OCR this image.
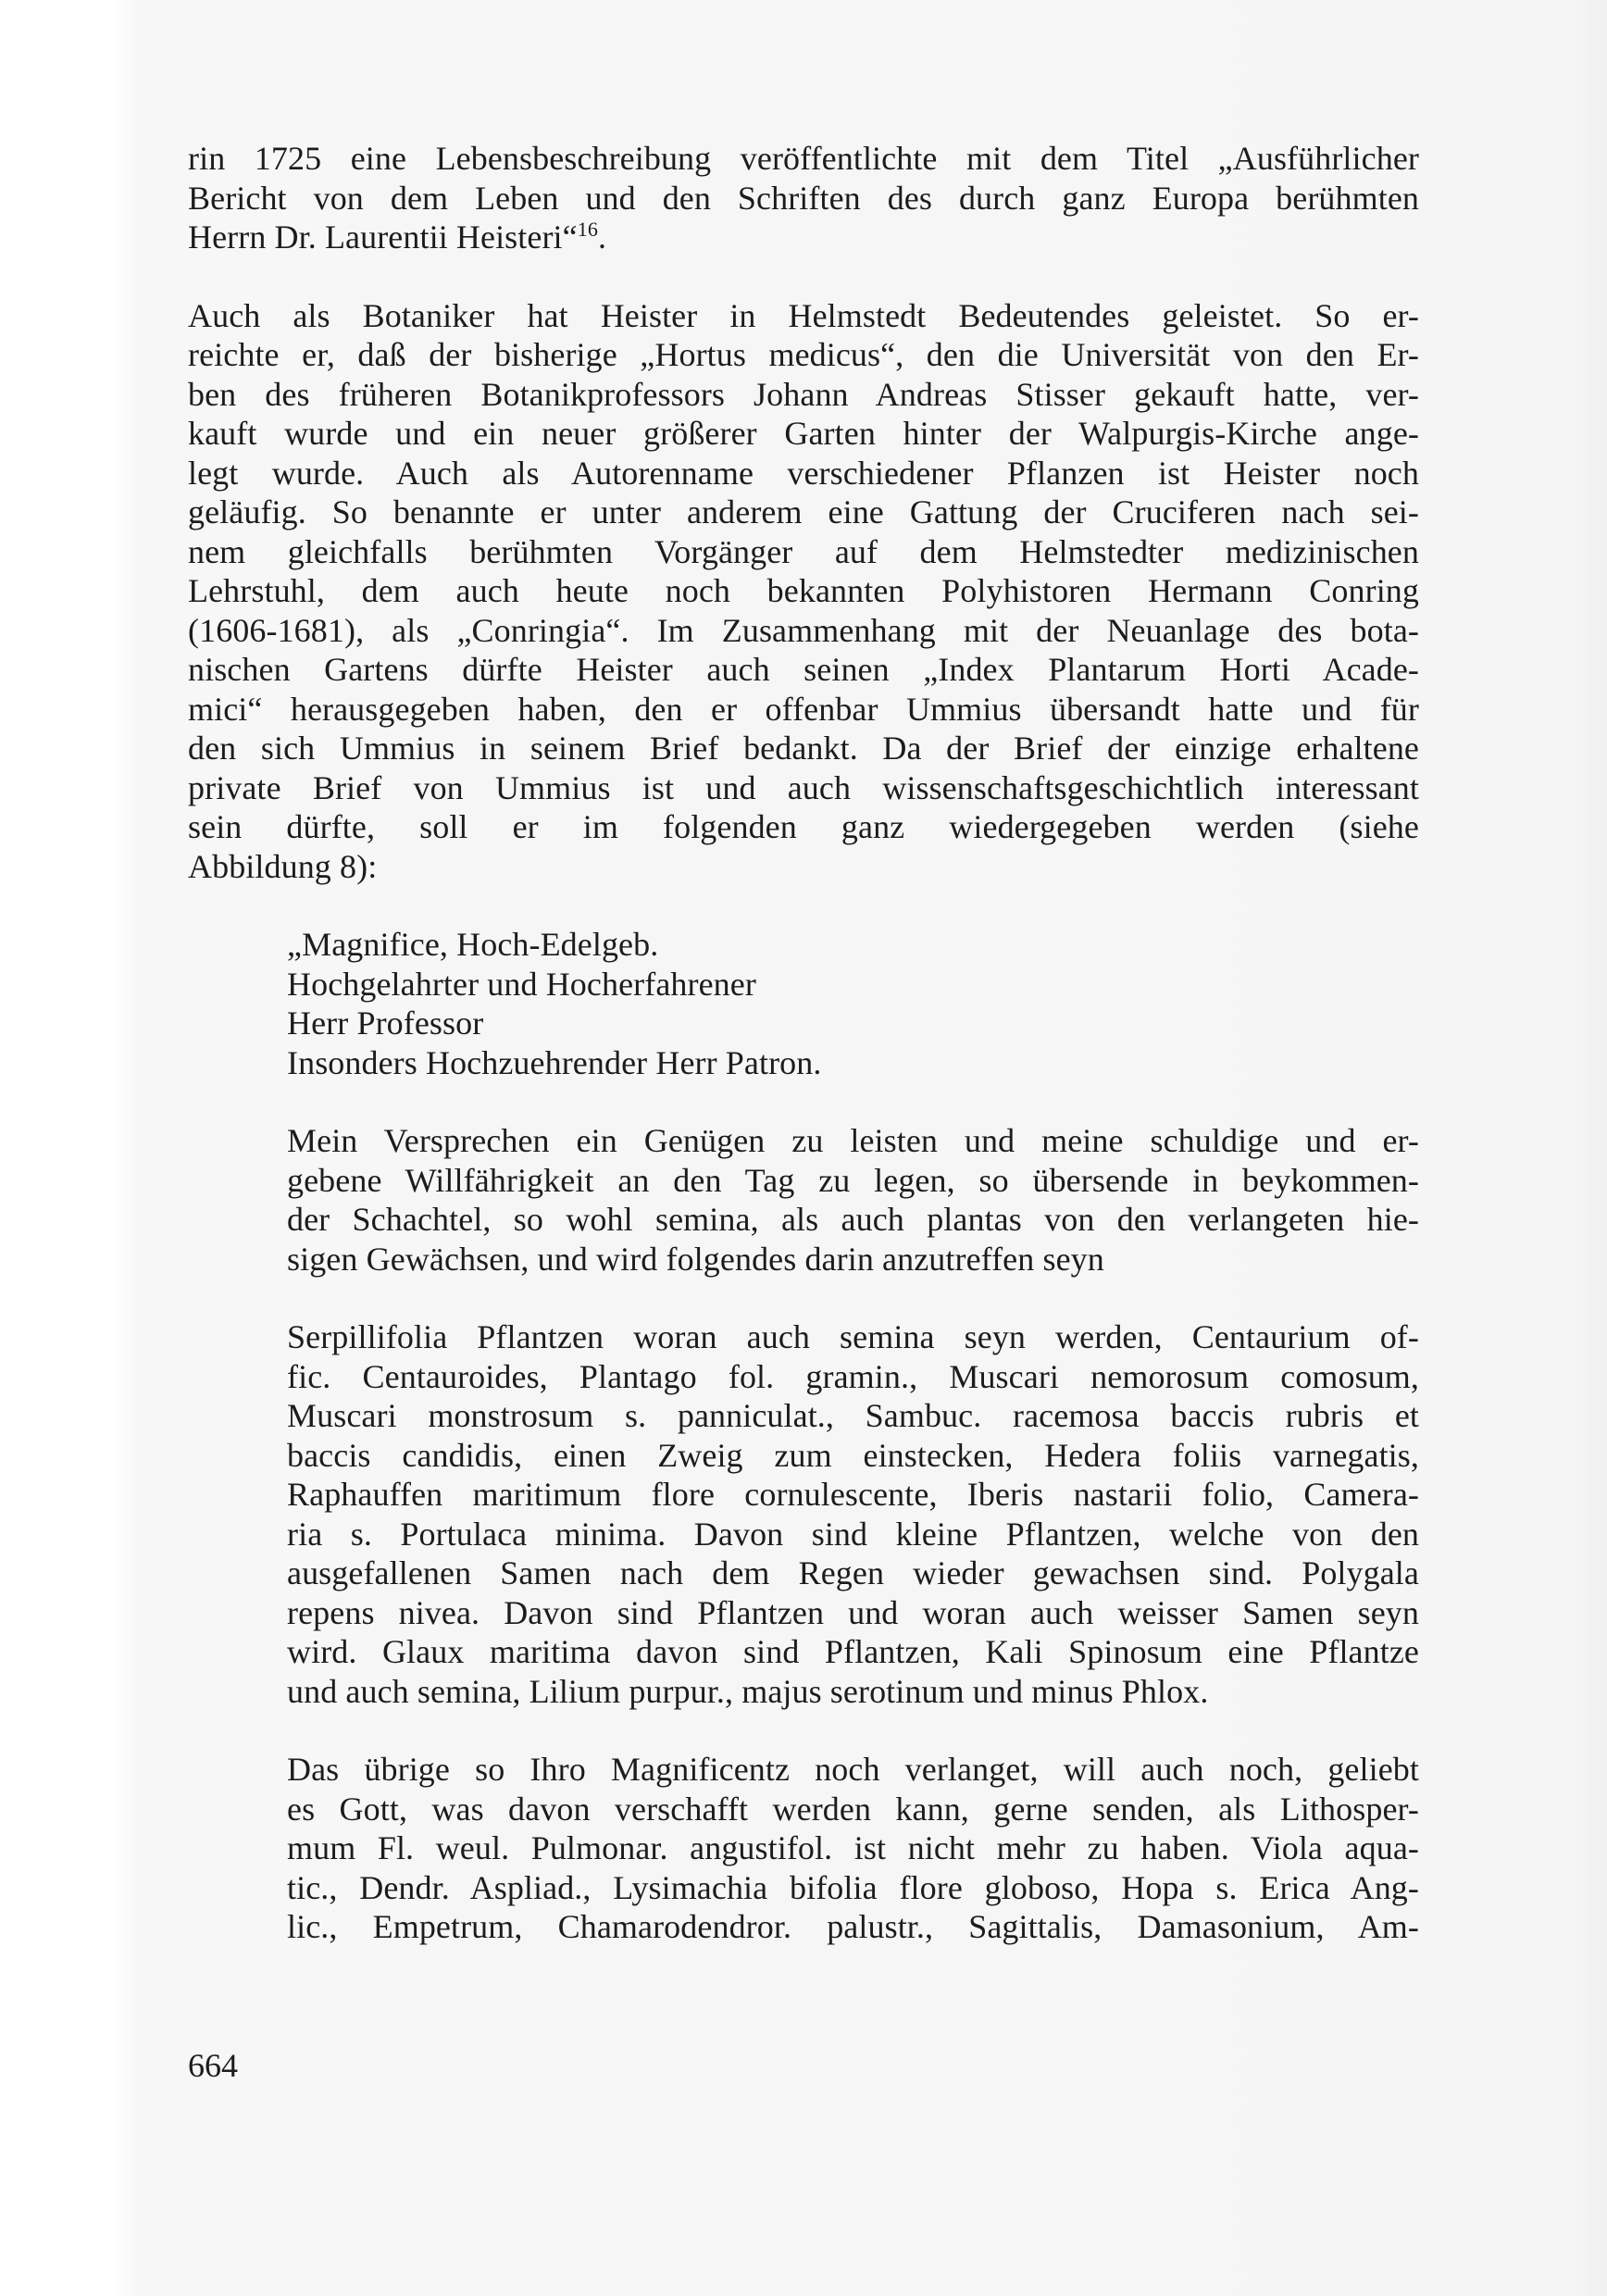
rin 1725 eine Lebensbeschreibung veröffentlichte mit dem Titel „Ausführlicher
Bericht von dem Leben und den Schriften des durch ganz Europa berühmten
Herrn Dr. Laurentii Heisteri“$^{16}$.
Auch als Botaniker hat Heister in Helmstedt Bedeutendes geleistet. So er-
reichte er, daß der bisherige „Hortus medicus“, den die Universität von den Er-
ben des früheren Botanikprofessors Johann Andreas Stisser gekauft hatte, ver-
kauft wurde und ein neuer größerer Garten hinter der Walpurgis-Kirche ange-
legt wurde. Auch als Autorenname verschiedener Pflanzen ist Heister noch
geläufig. So benannte er unter anderem eine Gattung der Cruciferen nach sei-
nem gleichfalls berühmten Vorgänger auf dem Helmstedter medizinischen
Lehrstuhl, dem auch heute noch bekannten Polyhistoren Hermann Conring
(1606-1681), als „Conringia“. Im Zusammenhang mit der Neuanlage des bota-
nischen Gartens dürfte Heister auch seinen „Index Plantarum Horti Acade-
mici“ herausgegeben haben, den er offenbar Ummius übersandt hatte und für
den sich Ummius in seinem Brief bedankt. Da der Brief der einzige erhaltene
private Brief von Ummius ist und auch wissenschaftsgeschichtlich interessant
sein dürfte, soll er im folgenden ganz wiedergegeben werden (siehe
Abbildung 8):
„Magnifice, Hoch-Edelgeb.
Hochgelahrter und Hocherfahrener
Herr Professor
Insonders Hochzuehrender Herr Patron.
Mein Versprechen ein Genügen zu leisten und meine schuldige und er-
gebene Willfährigkeit an den Tag zu legen, so übersende in beykommen-
der Schachtel, so wohl semina, als auch plantas von den verlangeten hie-
sigen Gewächsen, und wird folgendes darin anzutreffen seyn
Serpillifolia Pflantzen woran auch semina seyn werden, Centaurium of-
fic. Centauroides, Plantago fol. gramin., Muscari nemorosum comosum,
Muscari monstrosum s. panniculat., Sambuc. racemosa baccis rubris et
baccis candidis, einen Zweig zum einstecken, Hedera foliis varnegatis,
Raphauffen maritimum flore cornulescente, Iberis nastarii folio, Camera-
ria s. Portulaca minima. Davon sind kleine Pflantzen, welche von den
ausgefallenen Samen nach dem Regen wieder gewachsen sind. Polygala
repens nivea. Davon sind Pflantzen und woran auch weisser Samen seyn
wird. Glaux maritima davon sind Pflantzen, Kali Spinosum eine Pflantze
und auch semina, Lilium purpur., majus serotinum und minus Phlox.
Das übrige so Ihro Magnificentz noch verlanget, will auch noch, geliebt
es Gott, was davon verschafft werden kann, gerne senden, als Lithosper-
mum Fl. weul. Pulmonar. angustifol. ist nicht mehr zu haben. Viola aqua-
tic., Dendr. Aspliad., Lysimachia bifolia flore globoso, Hopa s. Erica Ang-
lic., Empetrum, Chamarodendror. palustr., Sagittalis, Damasonium, Am-
664
